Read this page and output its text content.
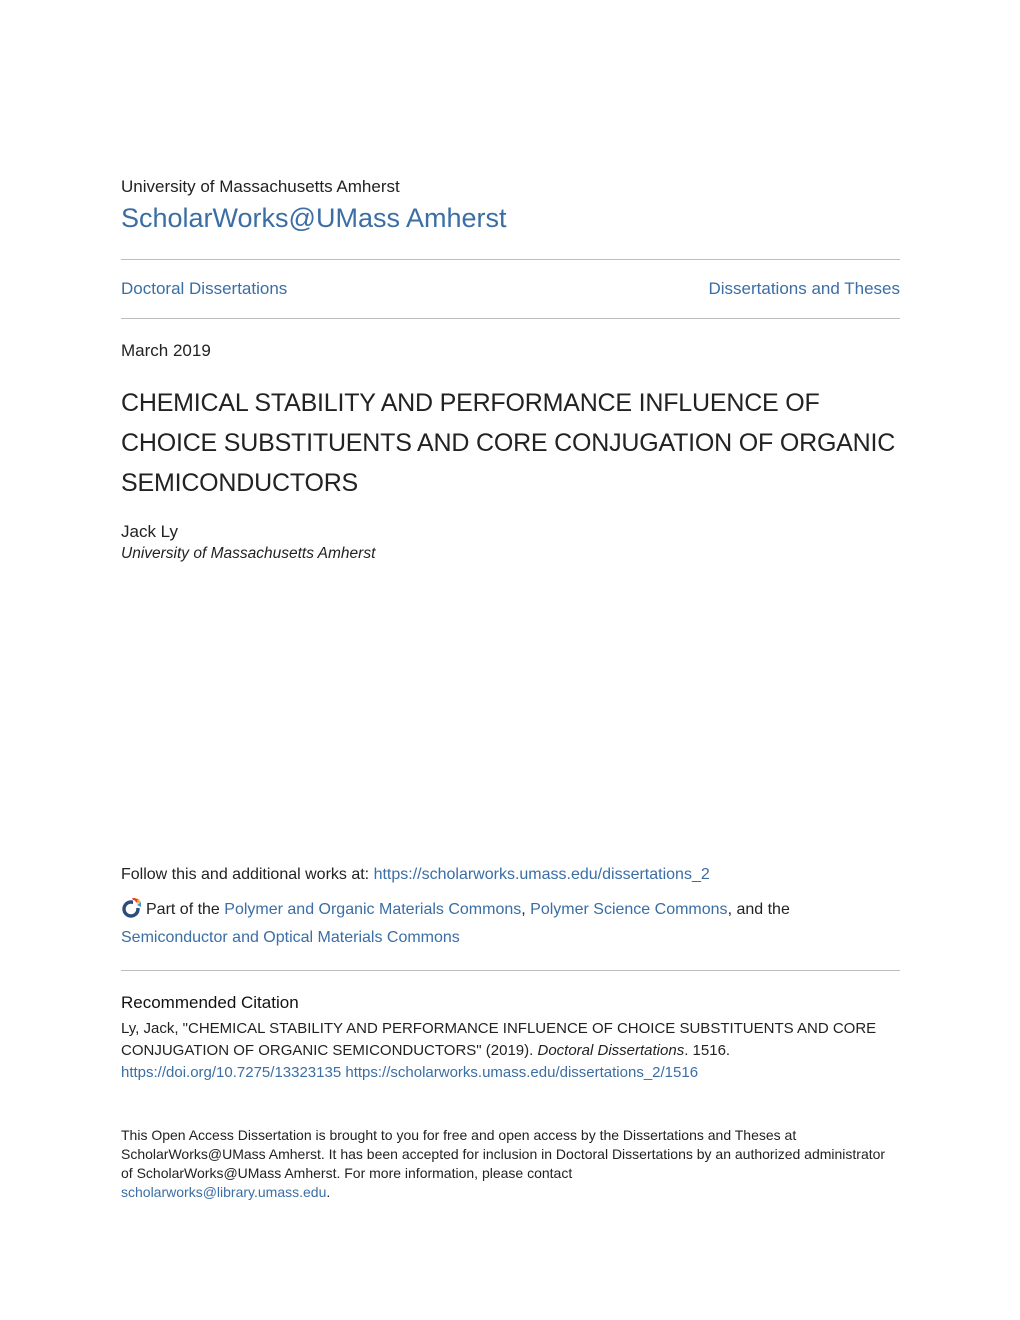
University of Massachusetts Amherst
ScholarWorks@UMass Amherst
Doctoral Dissertations	Dissertations and Theses
March 2019
CHEMICAL STABILITY AND PERFORMANCE INFLUENCE OF CHOICE SUBSTITUENTS AND CORE CONJUGATION OF ORGANIC SEMICONDUCTORS
Jack Ly
University of Massachusetts Amherst
Follow this and additional works at: https://scholarworks.umass.edu/dissertations_2
Part of the Polymer and Organic Materials Commons, Polymer Science Commons, and the
Semiconductor and Optical Materials Commons
Recommended Citation
Ly, Jack, "CHEMICAL STABILITY AND PERFORMANCE INFLUENCE OF CHOICE SUBSTITUENTS AND CORE CONJUGATION OF ORGANIC SEMICONDUCTORS" (2019). Doctoral Dissertations. 1516.
https://doi.org/10.7275/13323135 https://scholarworks.umass.edu/dissertations_2/1516
This Open Access Dissertation is brought to you for free and open access by the Dissertations and Theses at ScholarWorks@UMass Amherst. It has been accepted for inclusion in Doctoral Dissertations by an authorized administrator of ScholarWorks@UMass Amherst. For more information, please contact
scholarworks@library.umass.edu.
